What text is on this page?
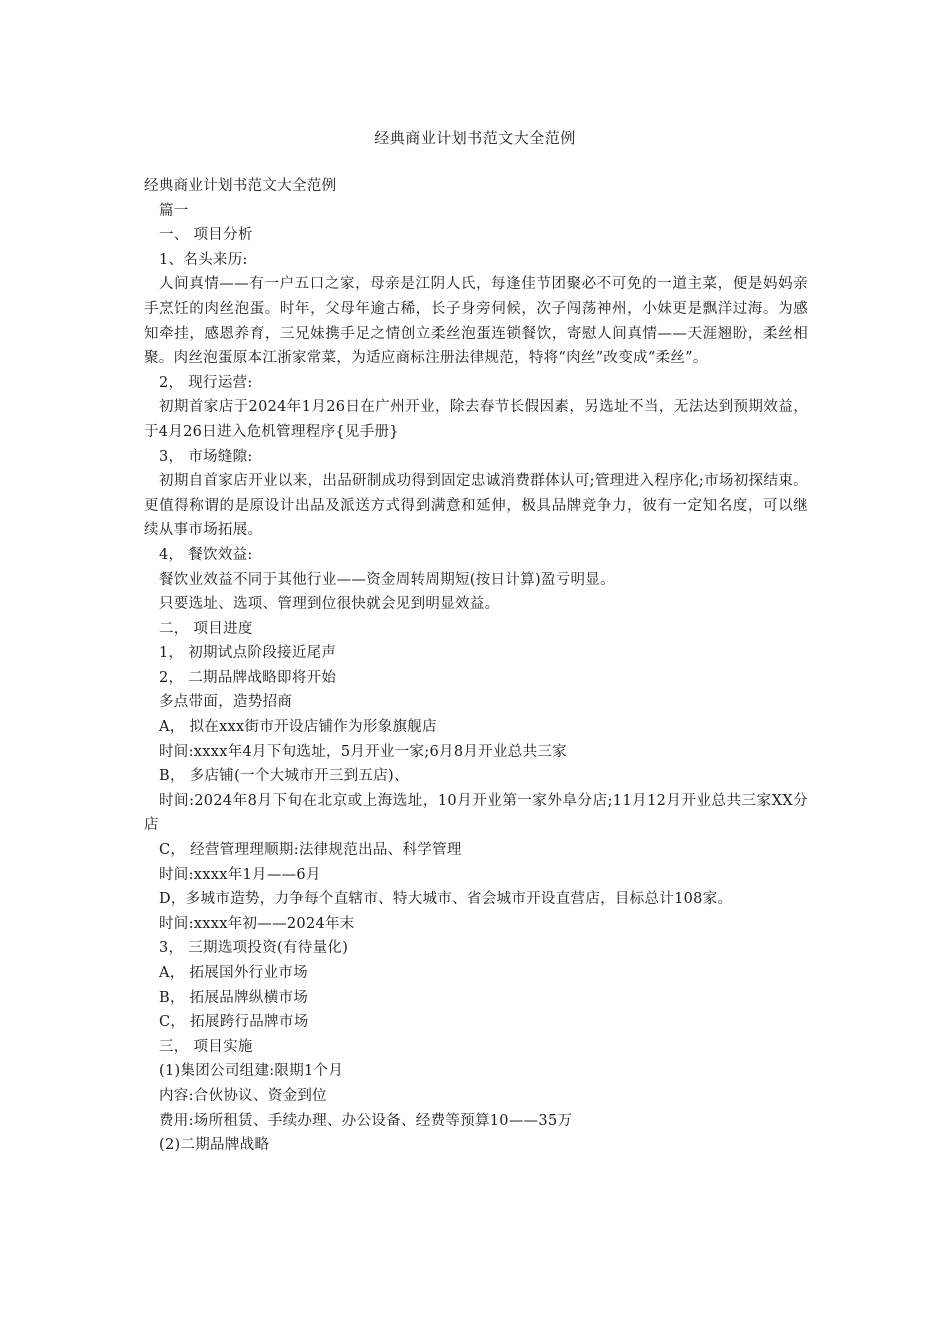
经典商业计划书范文大全范例

经典商业计划书范文大全范例

篇一

一、 项目分析

1、名头来历:

人间真情——有一户五口之家，母亲是江阴人氏，每逢佳节团聚必不可免的一道主菜，便是妈妈亲手烹饪的肉丝泡蛋。时年，父母年逾古稀，长子身旁伺候，次子闯荡神州，小妹更是飘洋过海。为感知牵挂，感恩养育，三兄妹携手足之情创立柔丝泡蛋连锁餐饮，寄慰人间真情——天涯翘盼，柔丝相聚。肉丝泡蛋原本江浙家常菜，为适应商标注册法律规范，特将“肉丝”改变成“柔丝”。

2， 现行运营:

初期首家店于2024年1月26日在广州开业，除去春节长假因素，另选址不当，无法达到预期效益，于4月26日进入危机管理程序{见手册}

3， 市场缝隙:

初期自首家店开业以来，出品研制成功得到固定忠诚消费群体认可;管理进入程序化;市场初探结束。更值得称谓的是原设计出品及派送方式得到满意和延伸，极具品牌竞争力，彼有一定知名度，可以继续从事市场拓展。

4， 餐饮效益:

餐饮业效益不同于其他行业——资金周转周期短(按日计算)盈亏明显。

只要选址、选项、管理到位很快就会见到明显效益。

二， 项目进度

1， 初期试点阶段接近尾声

2， 二期品牌战略即将开始

多点带面，造势招商

A， 拟在xxx街市开设店铺作为形象旗舰店

时间:xxxx年4月下旬选址，5月开业一家;6月8月开业总共三家

B， 多店铺(一个大城市开三到五店)、

时间:2024年8月下旬在北京或上海选址，10月开业第一家外阜分店;11月12月开业总共三家XX分店

C， 经营管理理顺期:法律规范出品、科学管理

时间:xxxx年1月——6月

D，多城市造势，力争每个直辖市、特大城市、省会城市开设直营店，目标总计108家。

时间:xxxx年初——2024年末

3， 三期选项投资(有待量化)

A， 拓展国外行业市场

B， 拓展品牌纵横市场

C， 拓展跨行品牌市场

三， 项目实施

(1)集团公司组建:限期1个月

内容:合伙协议、资金到位

费用:场所租赁、手续办理、办公设备、经费等预算10——35万

(2)二期品牌战略
